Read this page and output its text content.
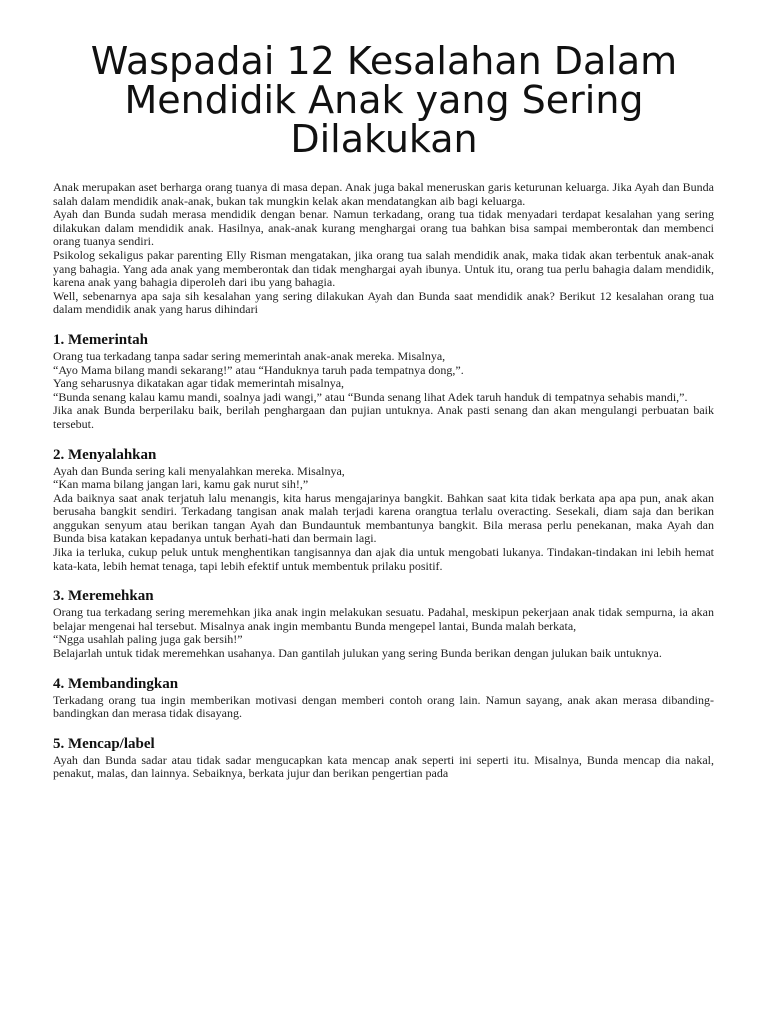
Waspadai 12 Kesalahan Dalam Mendidik Anak yang Sering Dilakukan

Anak merupakan aset berharga orang tuanya di masa depan. Anak juga bakal meneruskan garis keturunan keluarga. Jika Ayah dan Bunda salah dalam mendidik anak-anak, bukan tak mungkin kelak akan mendatangkan aib bagi keluarga.

Ayah dan Bunda sudah merasa mendidik dengan benar. Namun terkadang, orang tua tidak menyadari terdapat kesalahan yang sering dilakukan dalam mendidik anak. Hasilnya, anak-anak kurang menghargai orang tua bahkan bisa sampai memberontak dan membenci orang tuanya sendiri.

Psikolog sekaligus pakar parenting Elly Risman mengatakan, jika orang tua salah mendidik anak, maka tidak akan terbentuk anak-anak yang bahagia. Yang ada anak yang memberontak dan tidak menghargai ayah ibunya. Untuk itu, orang tua perlu bahagia dalam mendidik, karena anak yang bahagia diperoleh dari ibu yang bahagia.

Well, sebenarnya apa saja sih kesalahan yang sering dilakukan Ayah dan Bunda saat mendidik anak? Berikut 12 kesalahan orang tua dalam mendidik anak yang harus dihindari

1. Memerintah

Orang tua terkadang tanpa sadar sering memerintah anak-anak mereka. Misalnya,

“Ayo Mama bilang mandi sekarang!” atau “Handuknya taruh pada tempatnya dong,”.

Yang seharusnya dikatakan agar tidak memerintah misalnya,

“Bunda senang kalau kamu mandi, soalnya jadi wangi,” atau “Bunda senang lihat Adek taruh handuk di tempatnya sehabis mandi,”.

Jika anak Bunda berperilaku baik, berilah penghargaan dan pujian untuknya. Anak pasti senang dan akan mengulangi perbuatan baik tersebut.

2. Menyalahkan

Ayah dan Bunda sering kali menyalahkan mereka. Misalnya,

“Kan mama bilang jangan lari, kamu gak nurut sih!,”

Ada baiknya saat anak terjatuh lalu menangis, kita harus mengajarinya bangkit. Bahkan saat kita tidak berkata apa apa pun, anak akan berusaha bangkit sendiri. Terkadang tangisan anak malah terjadi karena orangtua terlalu overacting. Sesekali, diam saja dan berikan anggukan senyum atau berikan tangan Ayah dan Bundauntuk membantunya bangkit. Bila merasa perlu penekanan, maka Ayah dan Bunda bisa katakan kepadanya untuk berhati-hati dan bermain lagi.

Jika ia terluka, cukup peluk untuk menghentikan tangisannya dan ajak dia untuk mengobati lukanya. Tindakan-tindakan ini lebih hemat kata-kata, lebih hemat tenaga, tapi lebih efektif untuk membentuk prilaku positif.

3. Meremehkan

Orang tua terkadang sering meremehkan jika anak ingin melakukan sesuatu. Padahal, meskipun pekerjaan anak tidak sempurna, ia akan belajar mengenai hal tersebut. Misalnya anak ingin membantu Bunda mengepel lantai, Bunda malah berkata,

“Ngga usahlah paling juga gak bersih!”

Belajarlah untuk tidak meremehkan usahanya. Dan gantilah julukan yang sering Bunda berikan dengan julukan baik untuknya.

4. Membandingkan

Terkadang orang tua ingin memberikan motivasi dengan memberi contoh orang lain. Namun sayang, anak akan merasa dibanding-bandingkan dan merasa tidak disayang.

5. Mencap/label

Ayah dan Bunda sadar atau tidak sadar mengucapkan kata mencap anak seperti ini seperti itu. Misalnya, Bunda mencap dia nakal, penakut, malas, dan lainnya. Sebaiknya, berkata jujur dan berikan pengertian pada
